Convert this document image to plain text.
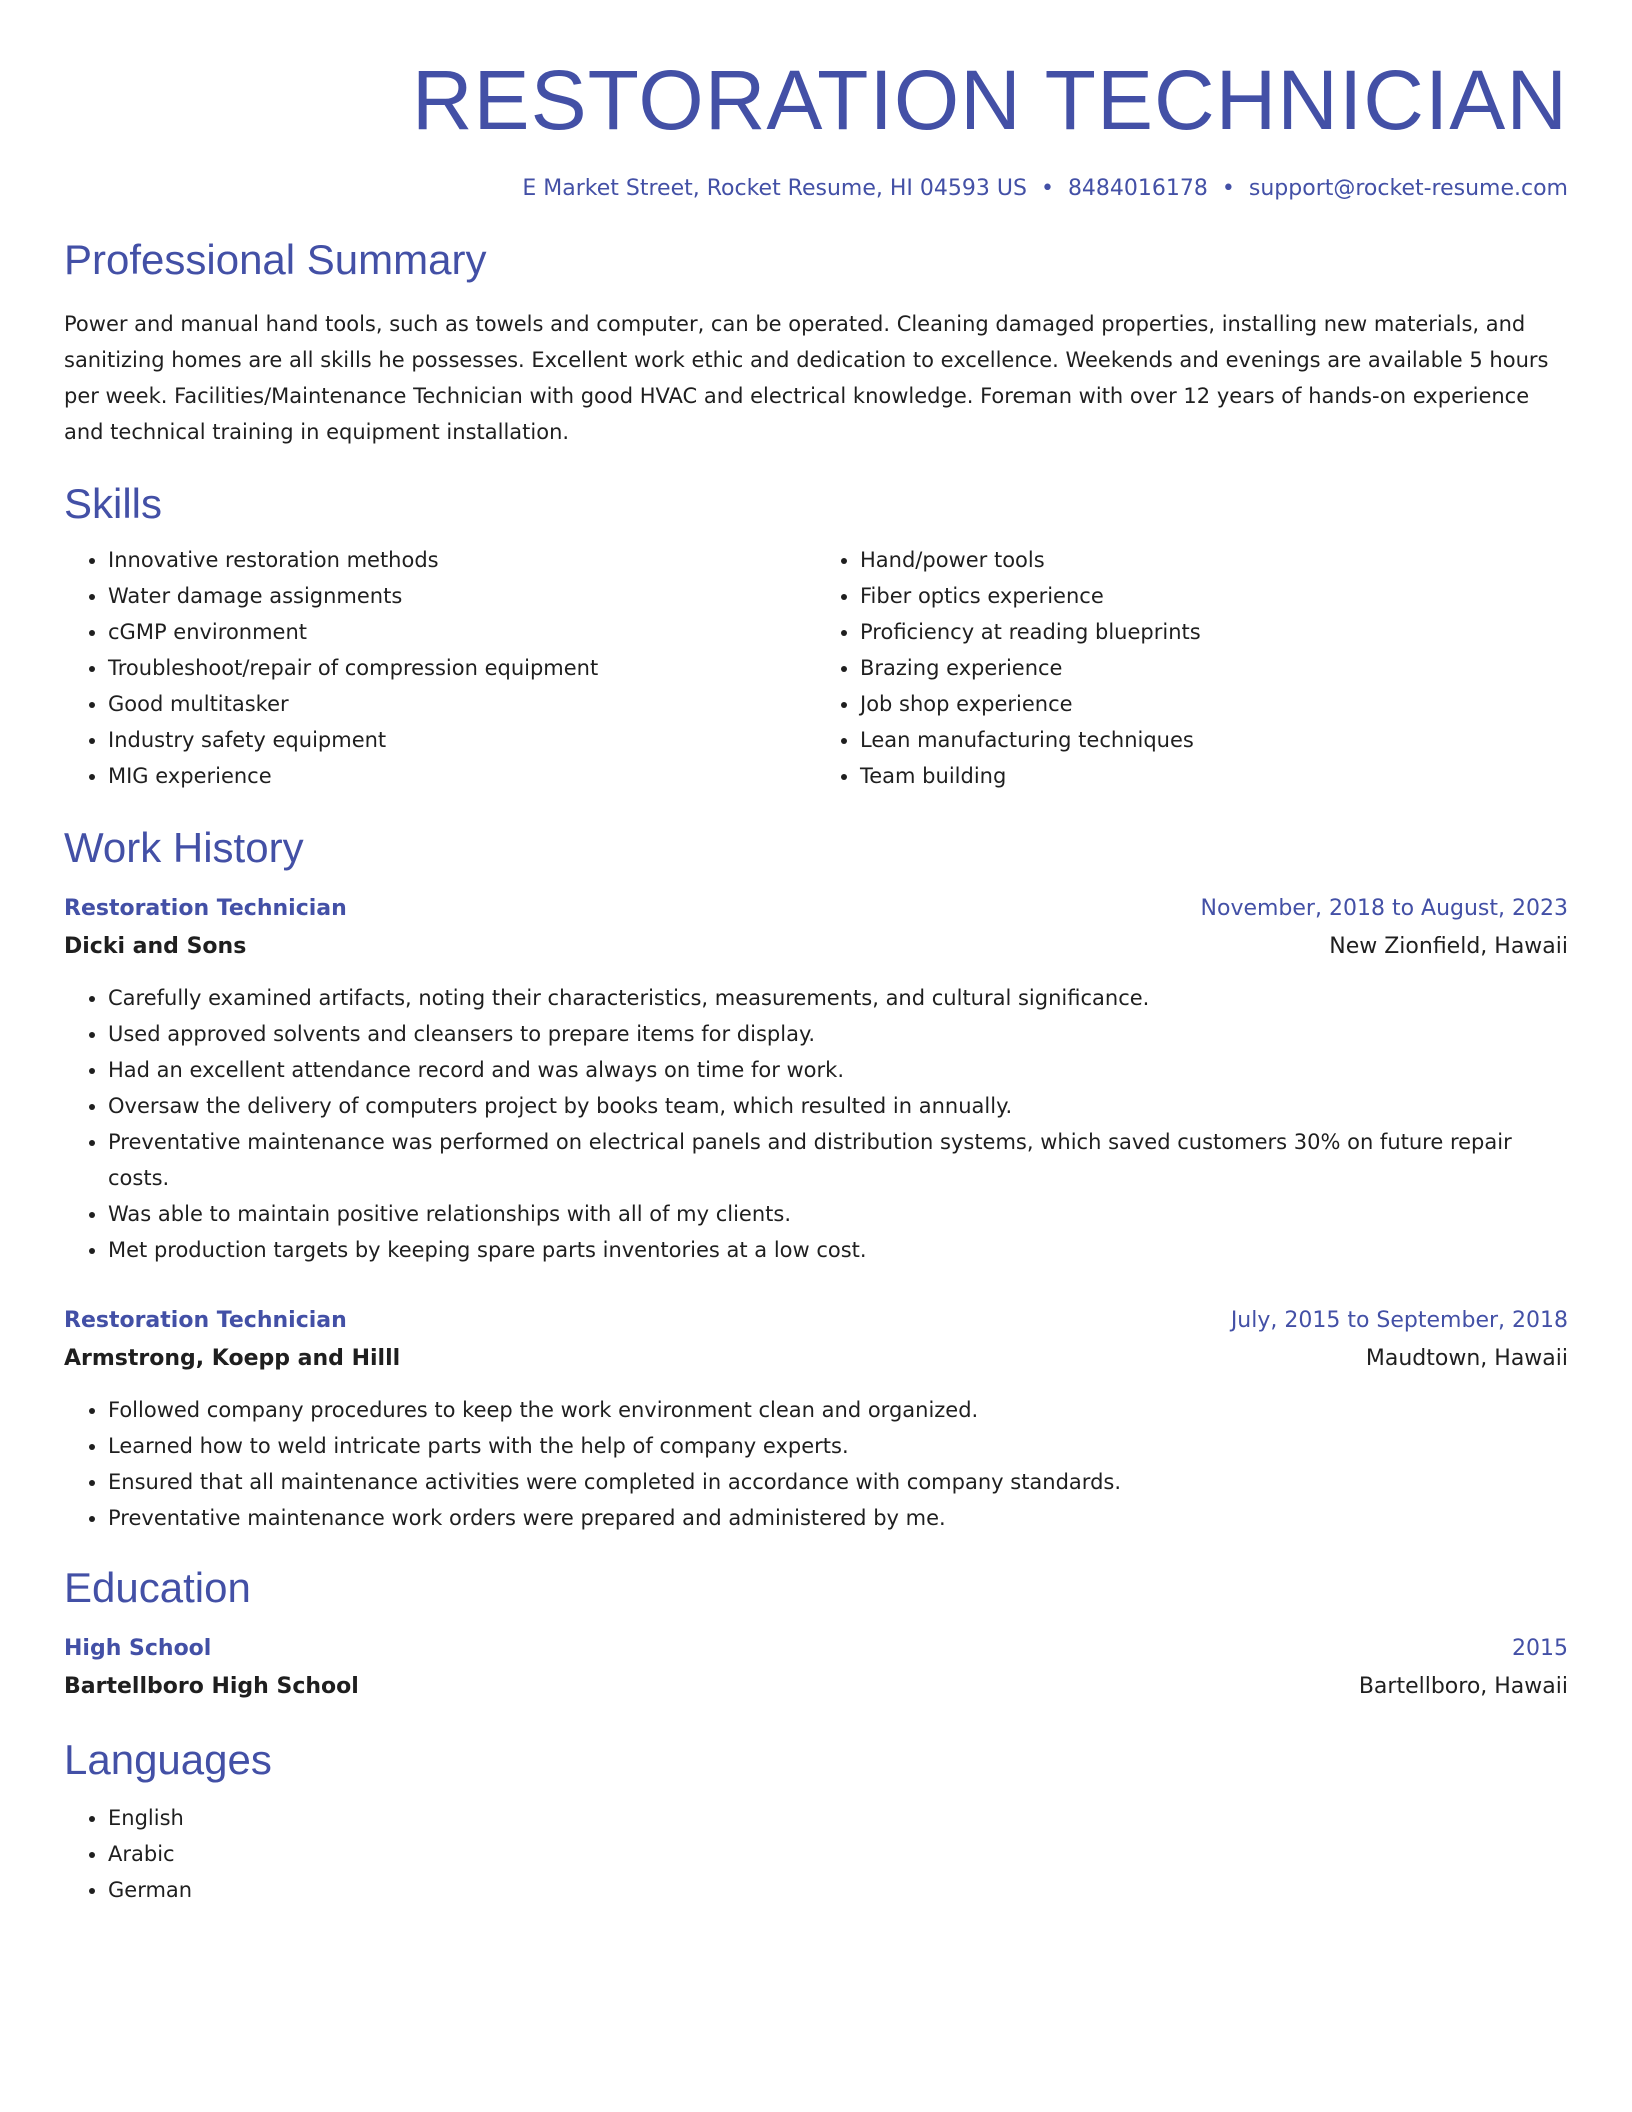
RESTORATION TECHNICIAN
E Market Street, Rocket Resume, HI 04593 US • 8484016178 • support@rocket-resume.com
Professional Summary

Power and manual hand tools, such as towels and computer, can be operated. Cleaning damaged properties, installing new materials, and sanitizing homes are all skills he possesses. Excellent work ethic and dedication to excellence. Weekends and evenings are available 5 hours per week. Facilities/Maintenance Technician with good HVAC and electrical knowledge. Foreman with over 12 years of hands-on experience and technical training in equipment installation.

Skills
• Innovative restoration methods
• Water damage assignments
• cGMP environment
• Troubleshoot/repair of compression equipment
• Good multitasker
• Industry safety equipment
• MIG experience
• Hand/power tools
• Fiber optics experience
• Proficiency at reading blueprints
• Brazing experience
• Job shop experience
• Lean manufacturing techniques
• Team building
Work History
Restoration Technician	November, 2018 to August, 2023
Dicki and Sons	New Zionfield, Hawaii
• Carefully examined artifacts, noting their characteristics, measurements, and cultural significance.
• Used approved solvents and cleansers to prepare items for display.
• Had an excellent attendance record and was always on time for work.
• Oversaw the delivery of computers project by books team, which resulted in annually.
• Preventative maintenance was performed on electrical panels and distribution systems, which saved customers 30% on future repair costs.
• Was able to maintain positive relationships with all of my clients.
• Met production targets by keeping spare parts inventories at a low cost.
Restoration Technician	July, 2015 to September, 2018
Armstrong, Koepp and Hilll	Maudtown, Hawaii
• Followed company procedures to keep the work environment clean and organized.
• Learned how to weld intricate parts with the help of company experts.
• Ensured that all maintenance activities were completed in accordance with company standards.
• Preventative maintenance work orders were prepared and administered by me.
Education
High School	2015
Bartellboro High School	Bartellboro, Hawaii
Languages
• English
• Arabic
• German
